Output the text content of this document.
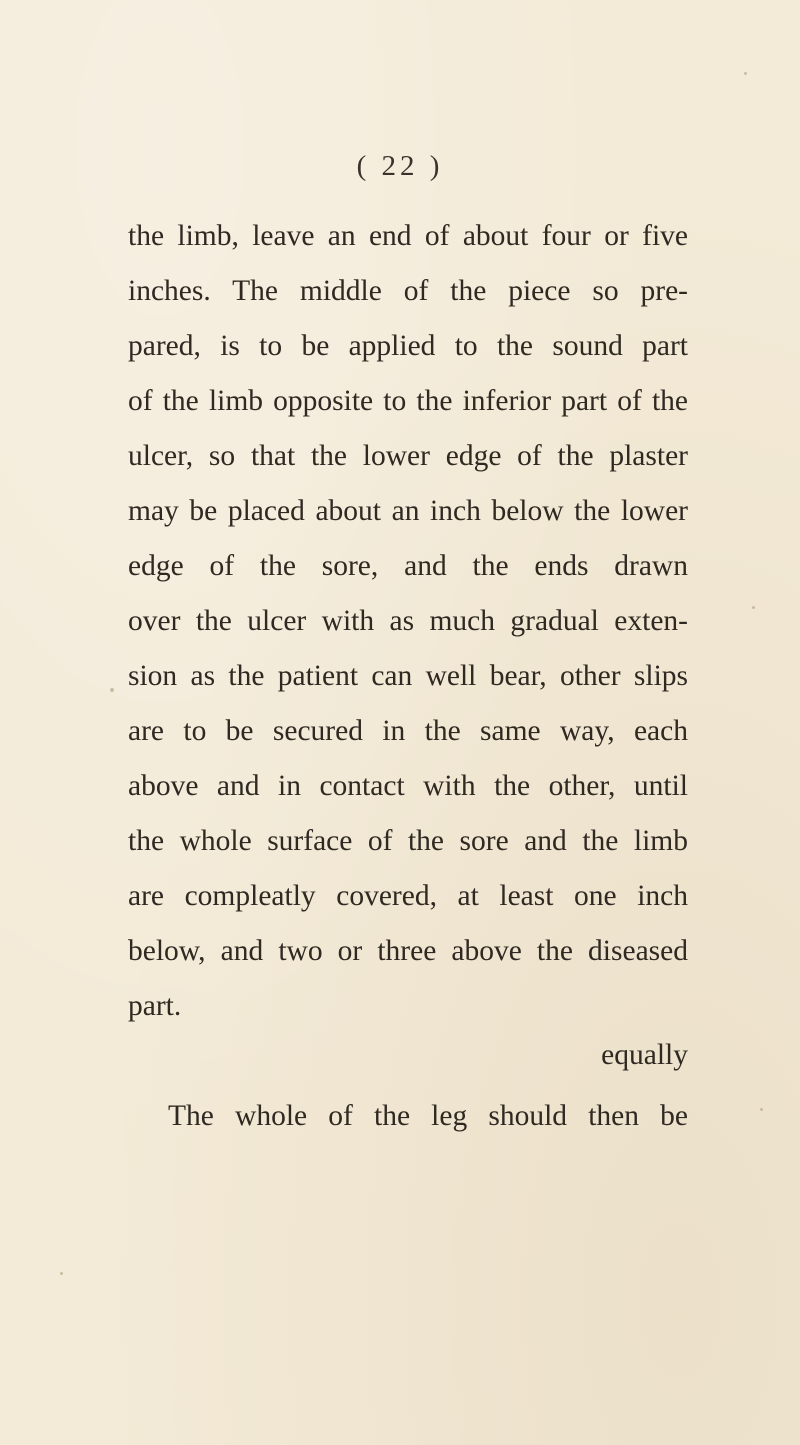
( 22 )
the limb, leave an end of about four or five
inches. The middle of the piece so pre-
pared, is to be applied to the sound part
of the limb opposite to the inferior part of the
ulcer, so that the lower edge of the plaster
may be placed about an inch below the lower
edge of the sore, and the ends drawn
over the ulcer with as much gradual exten-
sion as the patient can well bear, other slips
are to be secured in the same way, each
above and in contact with the other, until
the whole surface of the sore and the limb
are compleatly covered, at least one inch
below, and two or three above the diseased
part.
The whole of the leg should then be
equally
